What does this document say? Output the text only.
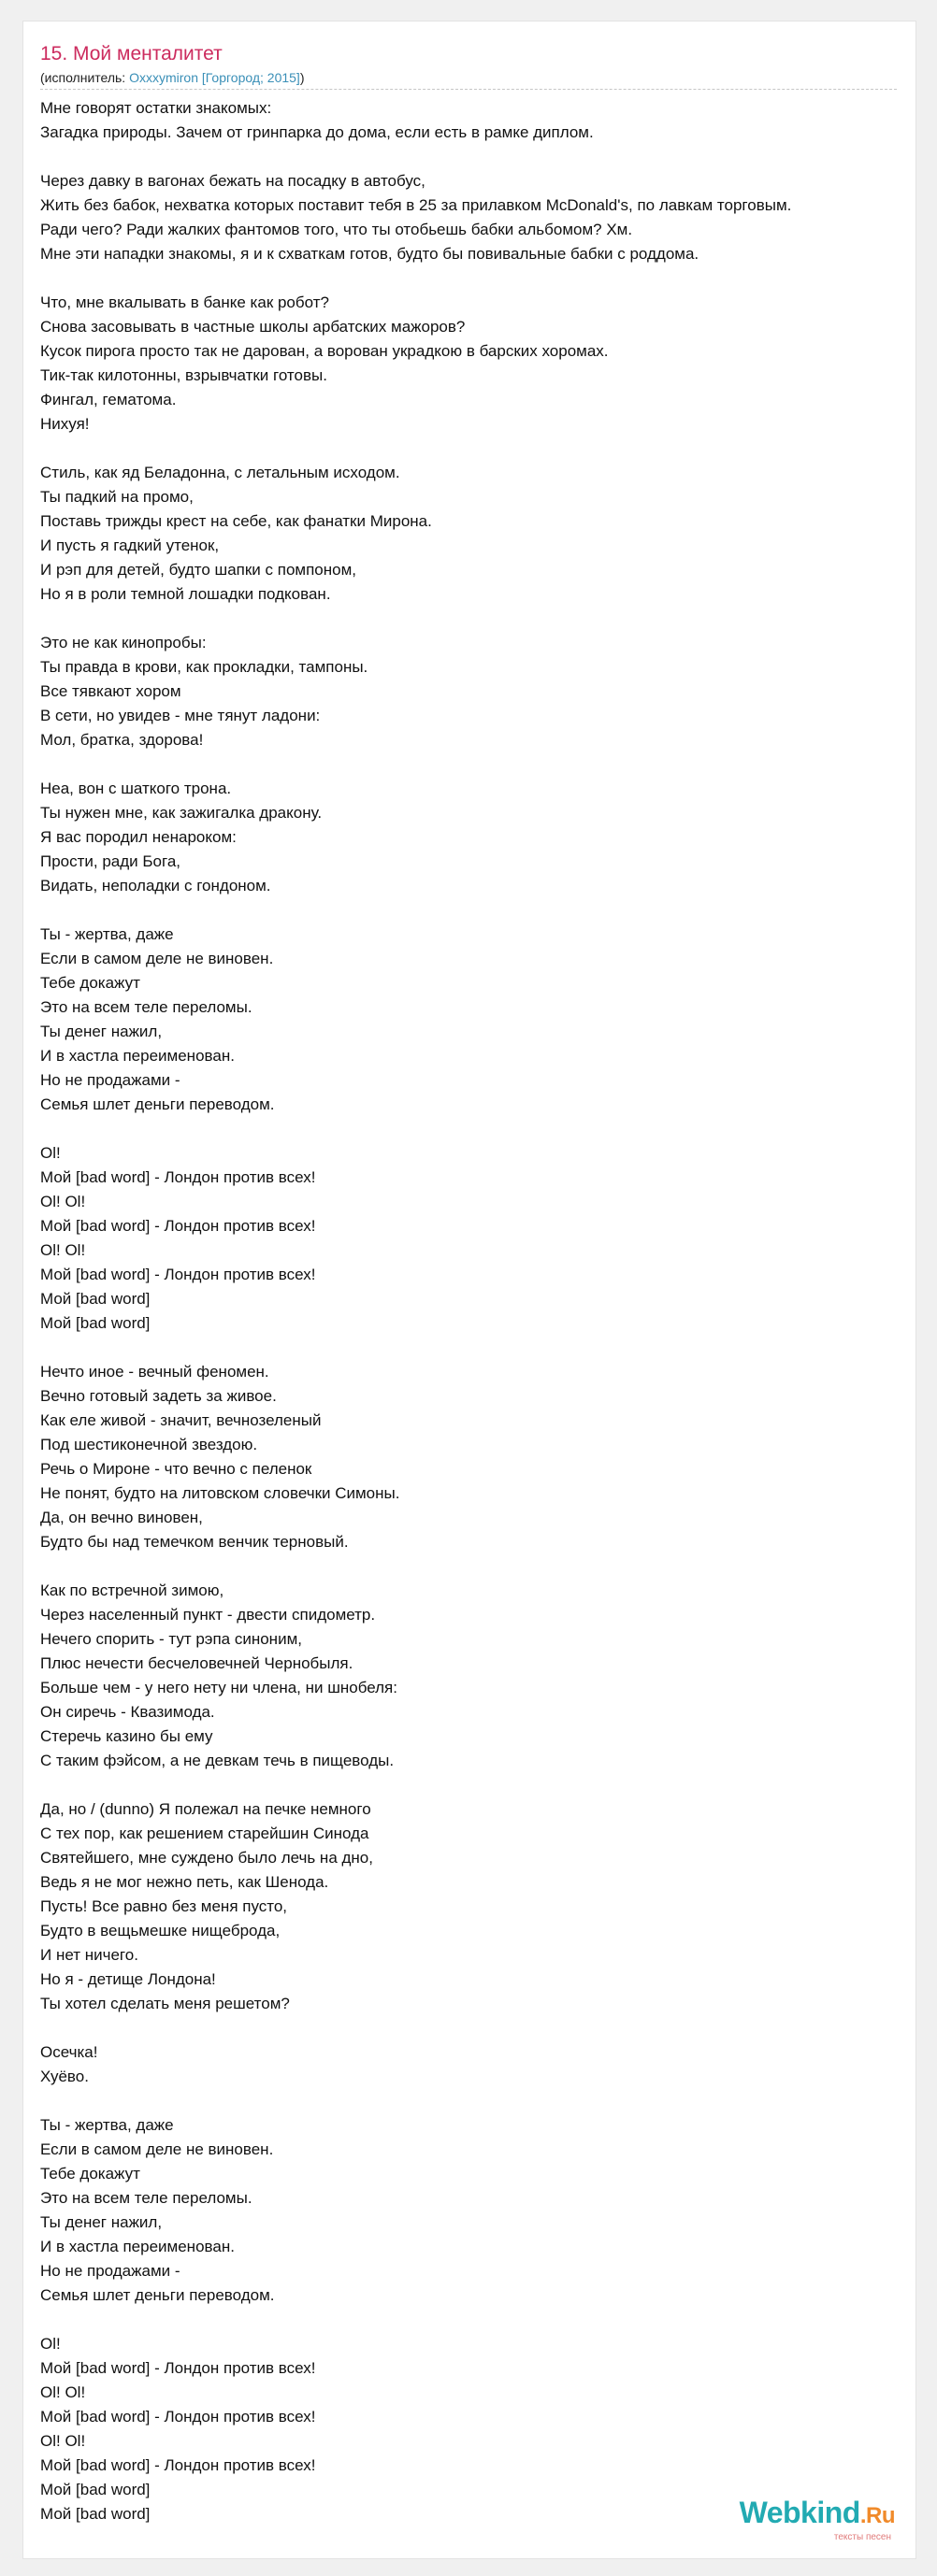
15. Мой менталитет
(исполнитель: Oxxxymiron [Горгород; 2015])
Мне говорят остатки знакомых:
Загадка природы. Зачем от гринпарка до дома, если есть в рамке диплом.
Через давку в вагонах бежать на посадку в автобус,
Жить без бабок, нехватка которых поставит тебя в 25 за прилавком McDonald's, по лавкам торговым.
Ради чего? Ради жалких фантомов того, что ты отобьешь бабки альбомом? Хм.
Мне эти нападки знакомы, я и к схваткам готов, будто бы повивальные бабки с роддома.
Что, мне вкалывать в банке как робот?
Снова засовывать в частные школы арбатских мажоров?
Кусок пирога просто так не дарован, а ворован украдкою в барских хоромах.
Тик-так килотонны, взрывчатки готовы.
Фингал, гематома.
Нихуя!
Стиль, как яд Беладонна, с летальным исходом.
Ты падкий на промо,
Поставь трижды крест на себе, как фанатки Мирона.
И пусть я гадкий утенок,
И рэп для детей, будто шапки с помпоном,
Но я в роли темной лошадки подкован.
Это не как кинопробы:
Ты правда в крови, как прокладки, тампоны.
Все тявкают хором
В сети, но увидев - мне тянут ладони:
Мол, братка, здорова!
Неа, вон с шаткого трона.
Ты нужен мне, как зажигалка дракону.
Я вас породил ненароком:
Прости, ради Бога,
Видать, неполадки с гондоном.
Ты - жертва, даже
Если в самом деле не виновен.
Тебе докажут
Это на всем теле переломы.
Ты денег нажил,
И в хастла переименован.
Но не продажами -
Семья шлет деньги переводом.
Ol!
Мой [bad word] - Лондон против всех!
Ol! Ol!
Мой [bad word] - Лондон против всех!
Ol! Ol!
Мой [bad word] - Лондон против всех!
Мой [bad word]
Мой [bad word]
Нечто иное - вечный феномен.
Вечно готовый задеть за живое.
Как еле живой - значит, вечнозеленый
Под шестиконечной звездою.
Речь о Мироне - что вечно с пеленок
Не понят, будто на литовском словечки Симоны.
Да, он вечно виновен,
Будто бы над темечком венчик терновый.
Как по встречной зимою,
Через населенный пункт - двести спидометр.
Нечего спорить - тут рэпа синоним,
Плюс нечести бесчеловечней Чернобыля.
Больше чем - у него нету ни члена, ни шнобеля:
Он сиречь - Квазимода.
Стеречь казино бы ему
С таким фэйсом, а не девкам течь в пищеводы.
Да, но / (dunno) Я полежал на печке немного
С тех пор, как решением старейшин Синода
Святейшего, мне суждено было лечь на дно,
Ведь я не мог нежно петь, как Шенода.
Пусть! Все равно без меня пусто,
Будто в вещьмешке нищеброда,
И нет ничего.
Но я - детище Лондона!
Ты хотел сделать меня решетом?
Осечка!
Хуёво.
Ты - жертва, даже
Если в самом деле не виновен.
Тебе докажут
Это на всем теле переломы.
Ты денег нажил,
И в хастла переименован.
Но не продажами -
Семья шлет деньги переводом.
Ol!
Мой [bad word] - Лондон против всех!
Ol! Ol!
Мой [bad word] - Лондон против всех!
Ol! Ol!
Мой [bad word] - Лондон против всех!
Мой [bad word]
Мой [bad word]	Webkind.Ru
тексты песен
